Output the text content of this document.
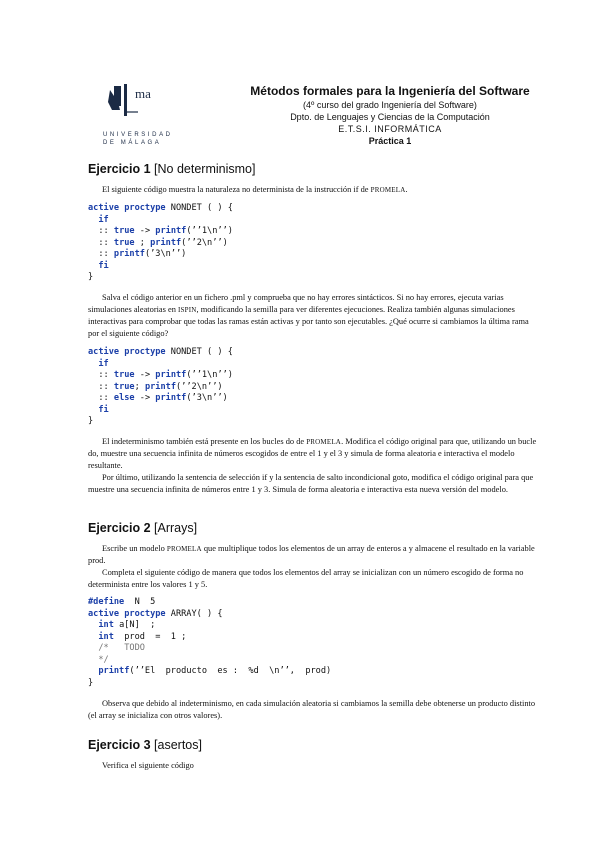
ma
UNIVERSIDAD DE MÁLAGA
Métodos formales para la Ingeniería del Software
(4º curso del grado Ingeniería del Software)
Dpto. de Lenguajes y Ciencias de la Computación
E.T.S.I. INFORMÁTICA
Práctica 1
Ejercicio 1 [No determinismo]

El siguiente código muestra la naturaleza no determinista de la instrucción if de PROMELA.

active proctype NONDET ( ) {
if
:: true -> printf(’’1\n’’)
:: true ; printf(’’2\n’’)
:: printf(’3\n’’)
fi
}

Salva el código anterior en un fichero .pml y comprueba que no hay errores sintácticos. Si no hay errores, ejecuta varias simulaciones aleatorias en ISPIN, modificando la semilla para ver diferentes ejecuciones. Realiza también algunas simulaciones interactivas para comprobar que todas las ramas están activas y por tanto son ejecutables. ¿Qué ocurre si cambiamos la última rama por el siguiente código?

active proctype NONDET ( ) {
if
:: true -> printf(’’1\n’’)
:: true; printf(’’2\n’’)
:: else -> printf(’3\n’’)
fi
}

El indeterminismo también está presente en los bucles do de PROMELA. Modifica el código original para que, utilizando un bucle do, muestre una secuencia infinita de números escogidos de entre el 1 y el 3 y simula de forma aleatoria e interactiva el modelo resultante.

Por último, utilizando la sentencia de selección if y la sentencia de salto incondicional goto, modifica el código original para que muestre una secuencia infinita de números entre 1 y 3. Simula de forma aleatoria e interactiva esta nueva versión del modelo.

Ejercicio 2 [Arrays]

Escribe un modelo PROMELA que multiplique todos los elementos de un array de enteros a y almacene el resultado en la variable prod.

Completa el siguiente código de manera que todos los elementos del array se inicializan con un número escogido de forma no determinista entre los valores 1 y 5.

#define  N  5
active proctype ARRAY( ) {
int a[N]  ;
int  prod  =  1 ;
/*   TODO
*/
printf(’’El  producto  es :  %d  \n’’,  prod)
}

Observa que debido al indeterminismo, en cada simulación aleatoria si cambiamos la semilla debe obtenerse un producto distinto (el array se inicializa con otros valores).

Ejercicio 3 [asertos]

Verifica el siguiente código
